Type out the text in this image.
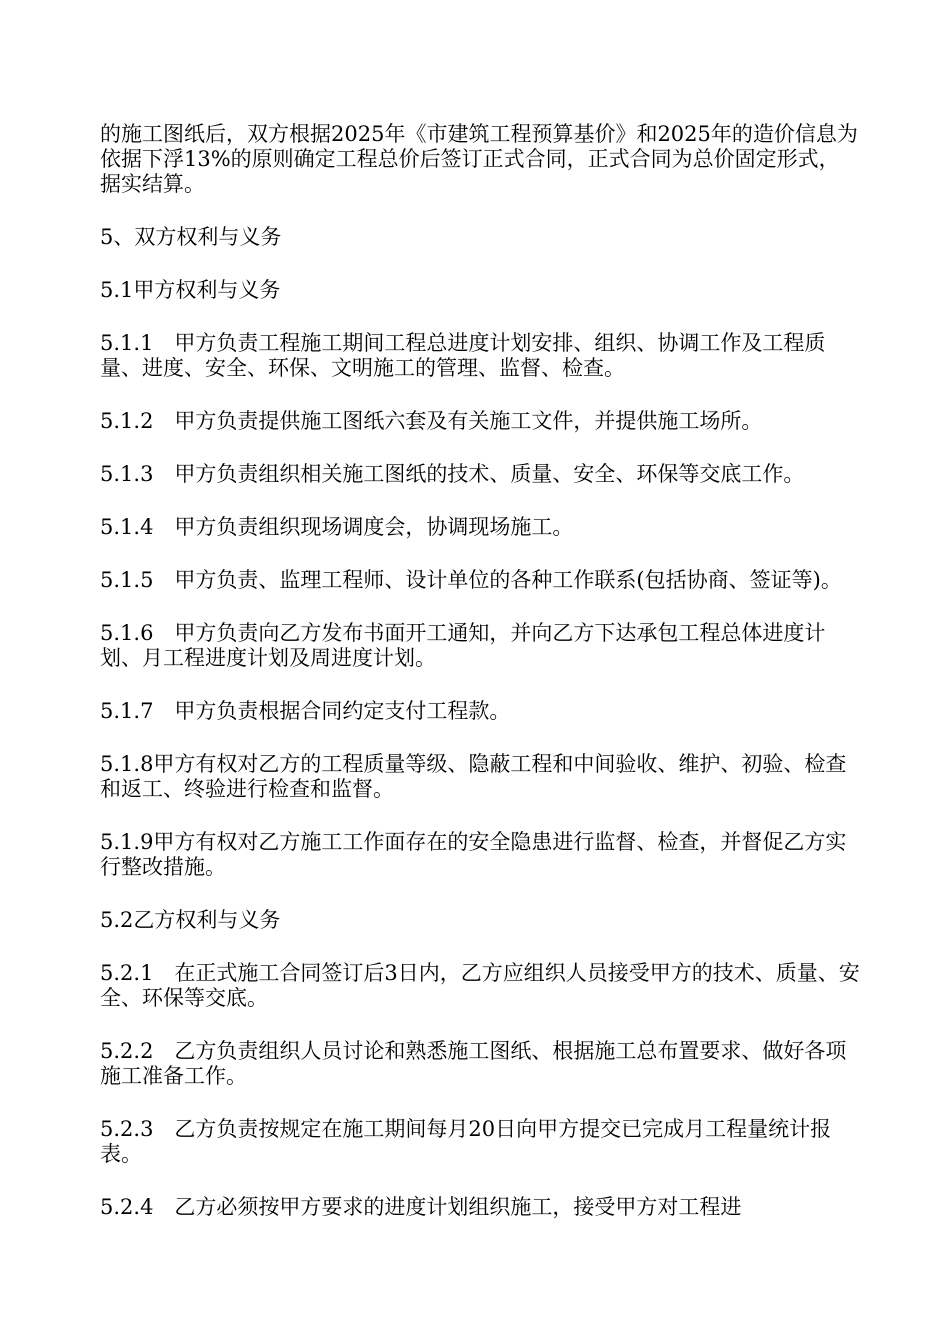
的施工图纸后，双方根据2025年《市建筑工程预算基价》和2025年的造价信息为依据下浮13%的原则确定工程总价后签订正式合同，正式合同为总价固定形式，据实结算。

5、双方权利与义务

5.1甲方权利与义务

5.1.1　甲方负责工程施工期间工程总进度计划安排、组织、协调工作及工程质量、进度、安全、环保、文明施工的管理、监督、检查。

5.1.2　甲方负责提供施工图纸六套及有关施工文件，并提供施工场所。

5.1.3　甲方负责组织相关施工图纸的技术、质量、安全、环保等交底工作。

5.1.4　甲方负责组织现场调度会，协调现场施工。

5.1.5　甲方负责、监理工程师、设计单位的各种工作联系(包括协商、签证等)。

5.1.6　甲方负责向乙方发布书面开工通知，并向乙方下达承包工程总体进度计划、月工程进度计划及周进度计划。

5.1.7　甲方负责根据合同约定支付工程款。

5.1.8甲方有权对乙方的工程质量等级、隐蔽工程和中间验收、维护、初验、检查和返工、终验进行检查和监督。

5.1.9甲方有权对乙方施工工作面存在的安全隐患进行监督、检查，并督促乙方实行整改措施。

5.2乙方权利与义务

5.2.1　在正式施工合同签订后3日内，乙方应组织人员接受甲方的技术、质量、安全、环保等交底。

5.2.2　乙方负责组织人员讨论和熟悉施工图纸、根据施工总布置要求、做好各项施工准备工作。

5.2.3　乙方负责按规定在施工期间每月20日向甲方提交已完成月工程量统计报表。

5.2.4　乙方必须按甲方要求的进度计划组织施工，接受甲方对工程进
